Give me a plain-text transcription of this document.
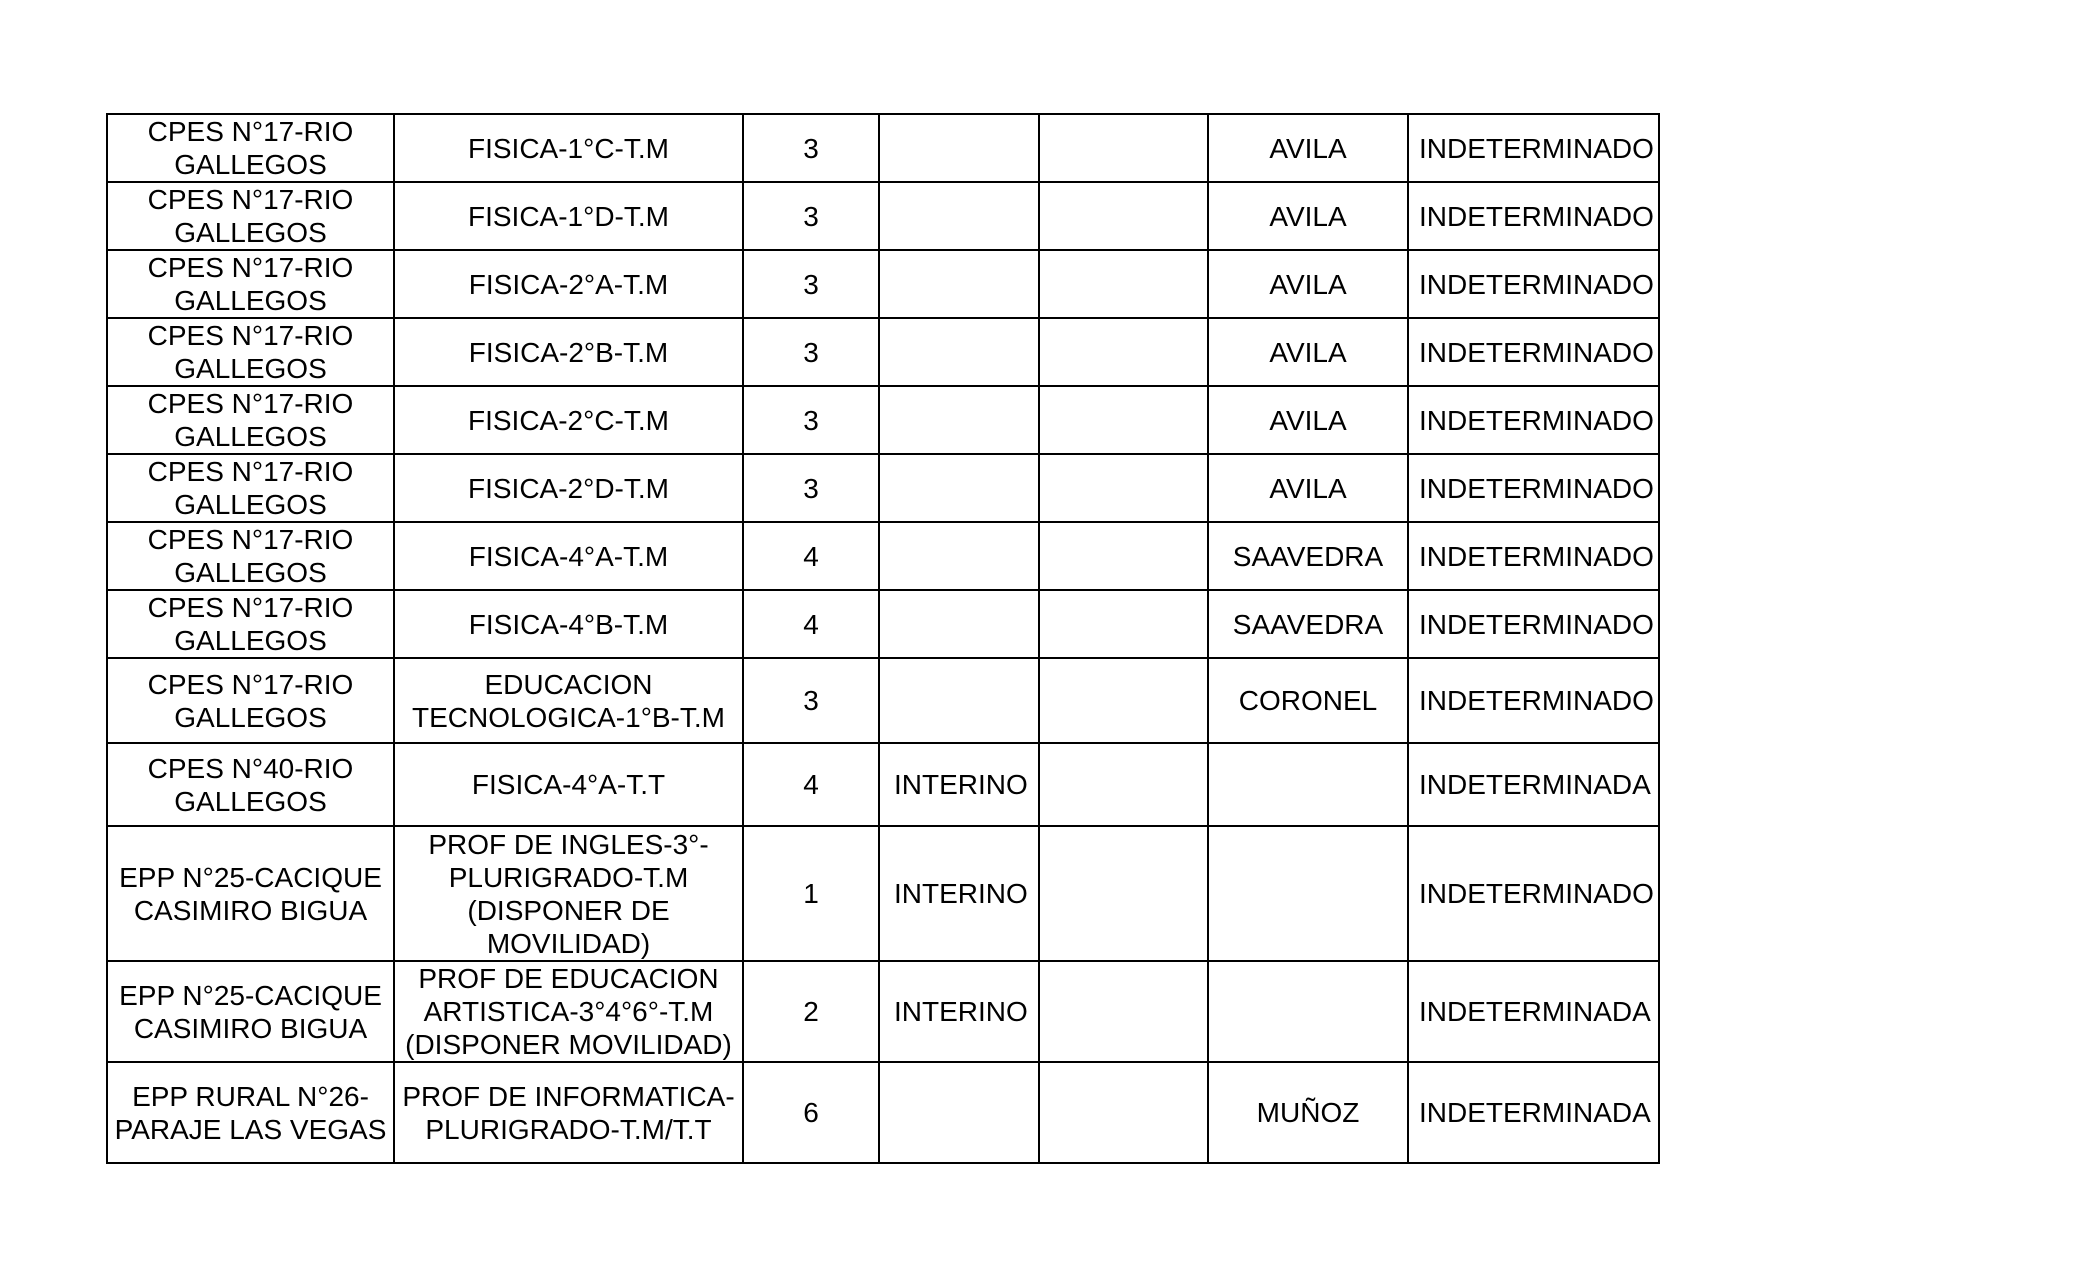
CPES N°17-RIO GALLEGOS	FISICA-1°C-T.M	3			AVILA	INDETERMINADO
CPES N°17-RIO GALLEGOS	FISICA-1°D-T.M	3			AVILA	INDETERMINADO
CPES N°17-RIO GALLEGOS	FISICA-2°A-T.M	3			AVILA	INDETERMINADO
CPES N°17-RIO GALLEGOS	FISICA-2°B-T.M	3			AVILA	INDETERMINADO
CPES N°17-RIO GALLEGOS	FISICA-2°C-T.M	3			AVILA	INDETERMINADO
CPES N°17-RIO GALLEGOS	FISICA-2°D-T.M	3			AVILA	INDETERMINADO
CPES N°17-RIO GALLEGOS	FISICA-4°A-T.M	4			SAAVEDRA	INDETERMINADO
CPES N°17-RIO GALLEGOS	FISICA-4°B-T.M	4			SAAVEDRA	INDETERMINADO
CPES N°17-RIO GALLEGOS	EDUCACION TECNOLOGICA-1°B-T.M	3			CORONEL	INDETERMINADO
CPES N°40-RIO GALLEGOS	FISICA-4°A-T.T	4	INTERINO			INDETERMINADA
EPP N°25-CACIQUE CASIMIRO BIGUA	PROF DE INGLES-3°-PLURIGRADO-T.M (DISPONER DE MOVILIDAD)	1	INTERINO			INDETERMINADO
EPP N°25-CACIQUE CASIMIRO BIGUA	PROF DE EDUCACION ARTISTICA-3°4°6°-T.M (DISPONER MOVILIDAD)	2	INTERINO			INDETERMINADA
EPP RURAL N°26-PARAJE LAS VEGAS	PROF DE INFORMATICA-PLURIGRADO-T.M/T.T	6			MUÑOZ	INDETERMINADA
